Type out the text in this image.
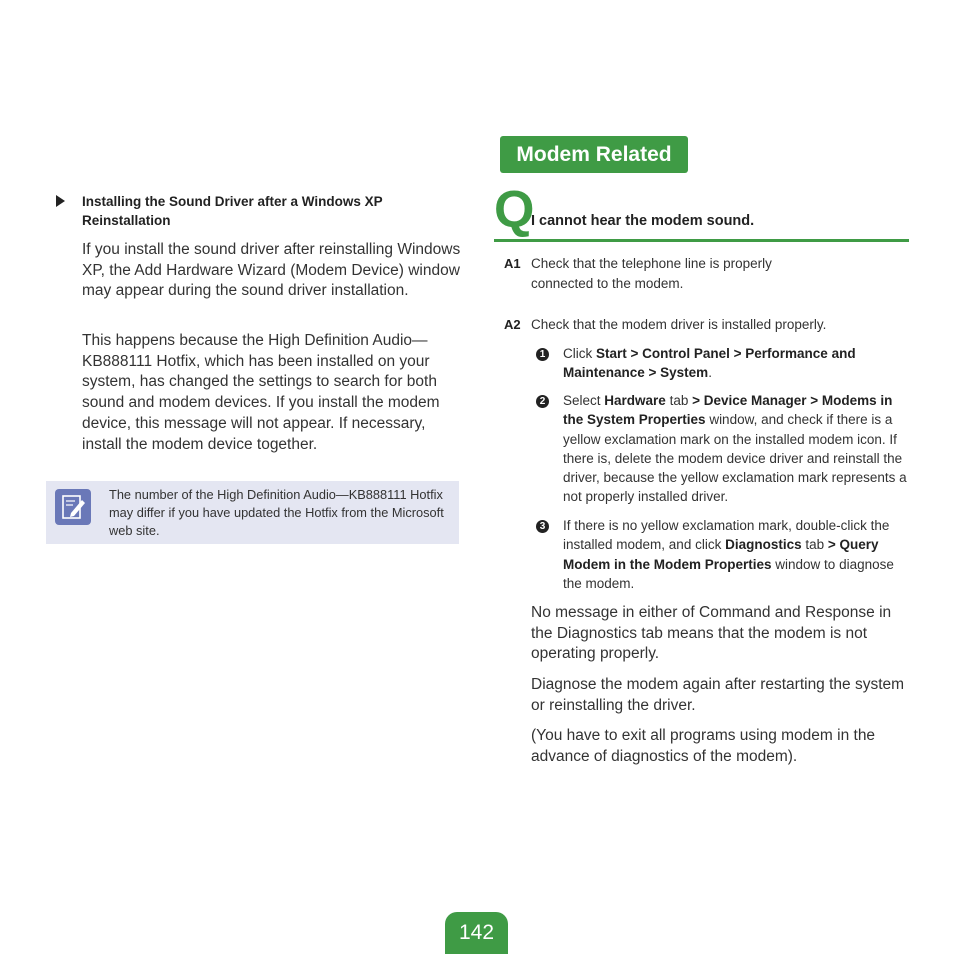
Installing the Sound Driver after a Windows XP Reinstallation

If you install the sound driver after reinstalling Windows XP, the Add Hardware Wizard (Modem Device) window may appear during the sound driver installation.

This happens because the High Definition Audio—KB888111 Hotfix, which has been installed on your system, has changed the settings to search for both sound and modem devices. If you install the modem device, this message will not appear. If necessary, install the modem device together.

The number of the High Definition Audio—KB888111 Hotfix may differ if you have updated the Hotfix from the Microsoft web site.
Modem Related
Q
I cannot hear the modem sound.
A1 Check that the telephone line is properly connected to the modem.
A2 Check that the modem driver is installed properly.
1 Click Start > Control Panel > Performance and Maintenance > System.
2 Select Hardware tab > Device Manager > Modems in the System Properties window, and check if there is a yellow exclamation mark on the installed modem icon. If there is, delete the modem device driver and reinstall the driver, because the yellow exclamation mark represents a not properly installed driver.
3 If there is no yellow exclamation mark, double-click the installed modem, and click Diagnostics tab > Query Modem in the Modem Properties window to diagnose the modem.

No message in either of Command and Response in the Diagnostics tab means that the modem is not operating properly.

Diagnose the modem again after restarting the system or reinstalling the driver.

(You have to exit all programs using modem in the advance of diagnostics of the modem).

142
